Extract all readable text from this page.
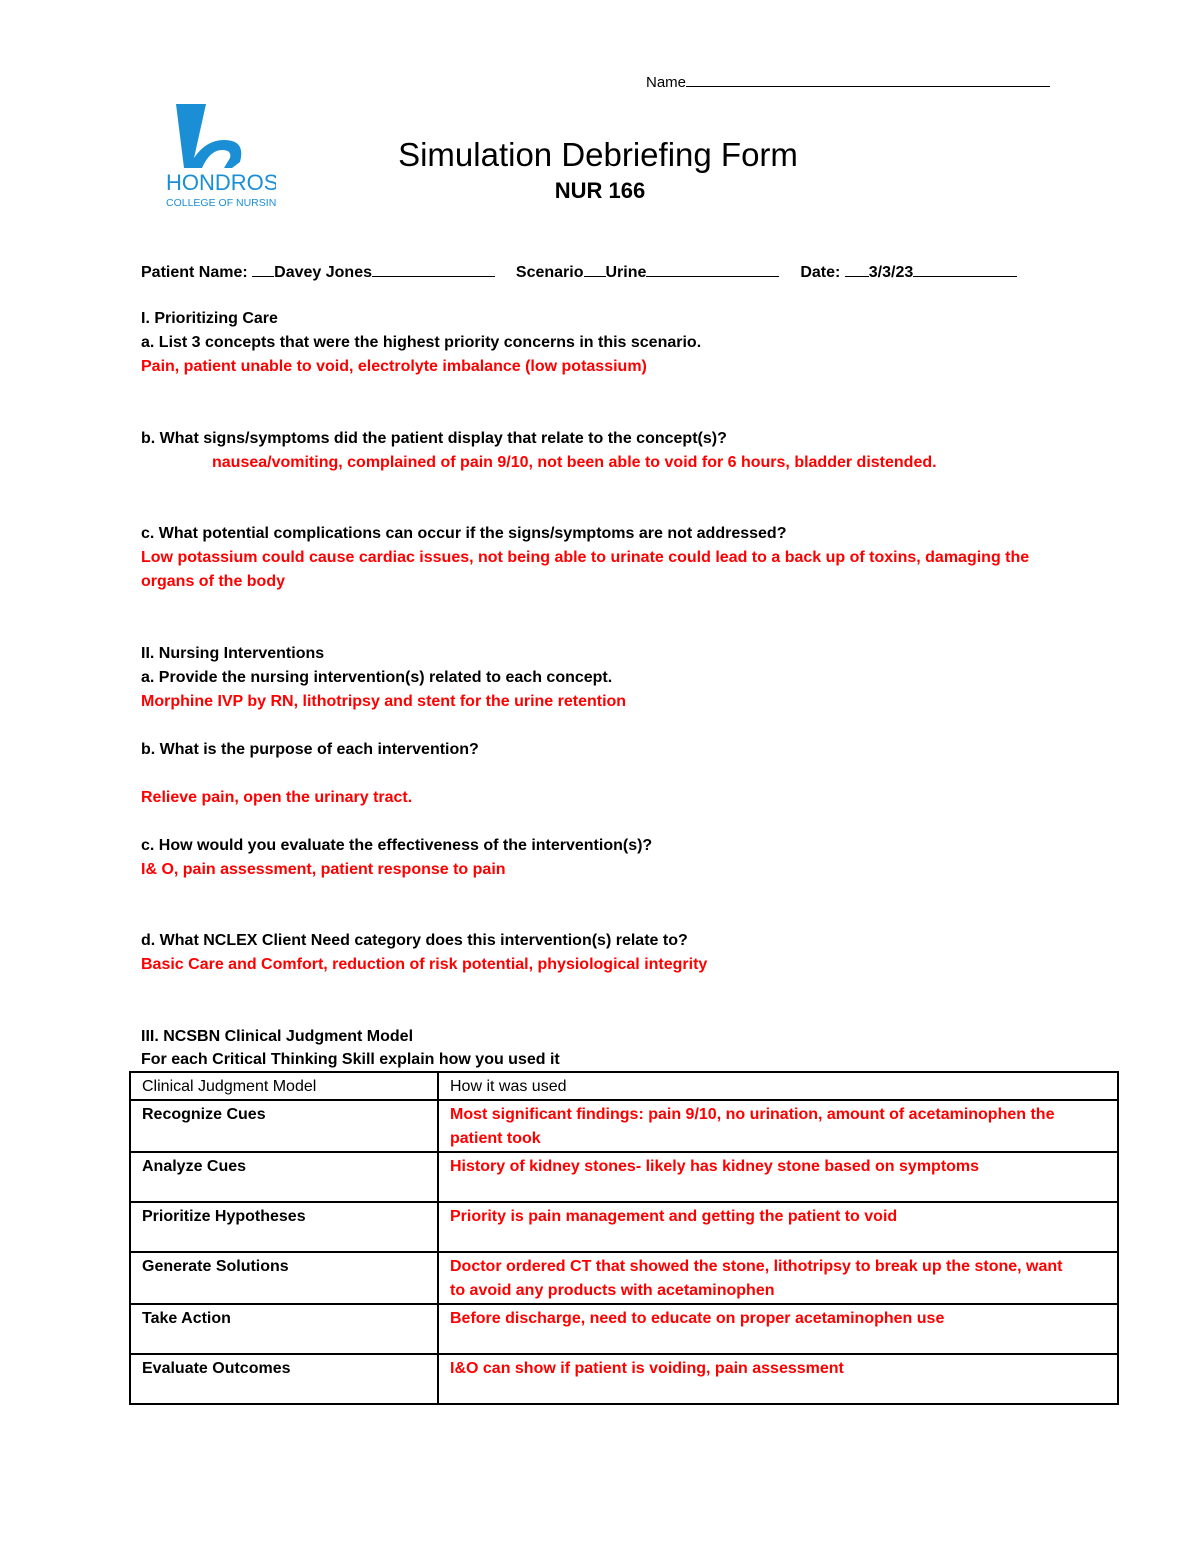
Name
HONDROS
COLLEGE OF NURSING
Simulation Debriefing Form
NUR 166
Patient Name: Davey Jones	Scenario Urine	Date: 3/3/23
I. Prioritizing Care
a. List 3 concepts that were the highest priority concerns in this scenario.
Pain, patient unable to void, electrolyte imbalance (low potassium)
b. What signs/symptoms did the patient display that relate to the concept(s)?
nausea/vomiting, complained of pain 9/10, not been able to void for 6 hours, bladder distended.
c. What potential complications can occur if the signs/symptoms are not addressed?
Low potassium could cause cardiac issues, not being able to urinate could lead to a back up of toxins, damaging the
organs of the body
II. Nursing Interventions
a. Provide the nursing intervention(s) related to each concept.
Morphine IVP by RN, lithotripsy and stent for the urine retention
b. What is the purpose of each intervention?
Relieve pain, open the urinary tract.
c. How would you evaluate the effectiveness of the intervention(s)?
I& O, pain assessment, patient response to pain
d. What NCLEX Client Need category does this intervention(s) relate to?
Basic Care and Comfort, reduction of risk potential, physiological integrity
III. NCSBN Clinical Judgment Model
For each Critical Thinking Skill explain how you used it
Clinical Judgment Model	How it was used
Recognize Cues	Most significant findings: pain 9/10, no urination, amount of acetaminophen the
patient took

Analyze Cues	History of kidney stones- likely has kidney stone based on symptoms

Prioritize Hypotheses	Priority is pain management and getting the patient to void

Generate Solutions	Doctor ordered CT that showed the stone, lithotripsy to break up the stone, want
to avoid any products with acetaminophen

Take Action	Before discharge, need to educate on proper acetaminophen use

Evaluate Outcomes	I&O can show if patient is voiding, pain assessment
